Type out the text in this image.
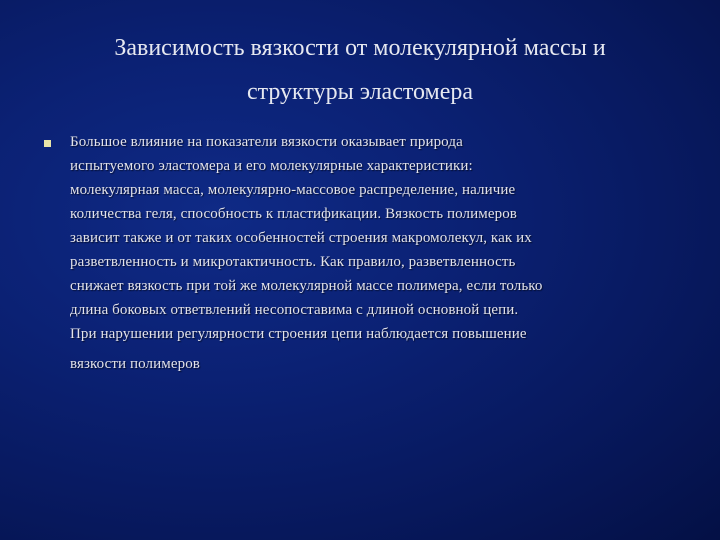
Зависимость вязкости от молекулярной массы и
структуры эластомера

Большое влияние на показатели вязкости оказывает природа
испытуемого эластомера и его молекулярные характеристики:
молекулярная масса, молекулярно-массовое распределение, наличие
количества геля, способность к пластификации. Вязкость полимеров
зависит также и от таких особенностей строения макромолекул, как их
разветвленность и микротактичность. Как правило, разветвленность
снижает вязкость при той же молекулярной массе полимера, если только
длина боковых ответвлений несопоставима с длиной основной цепи.
При нарушении регулярности строения цепи наблюдается повышение
вязкости полимеров
